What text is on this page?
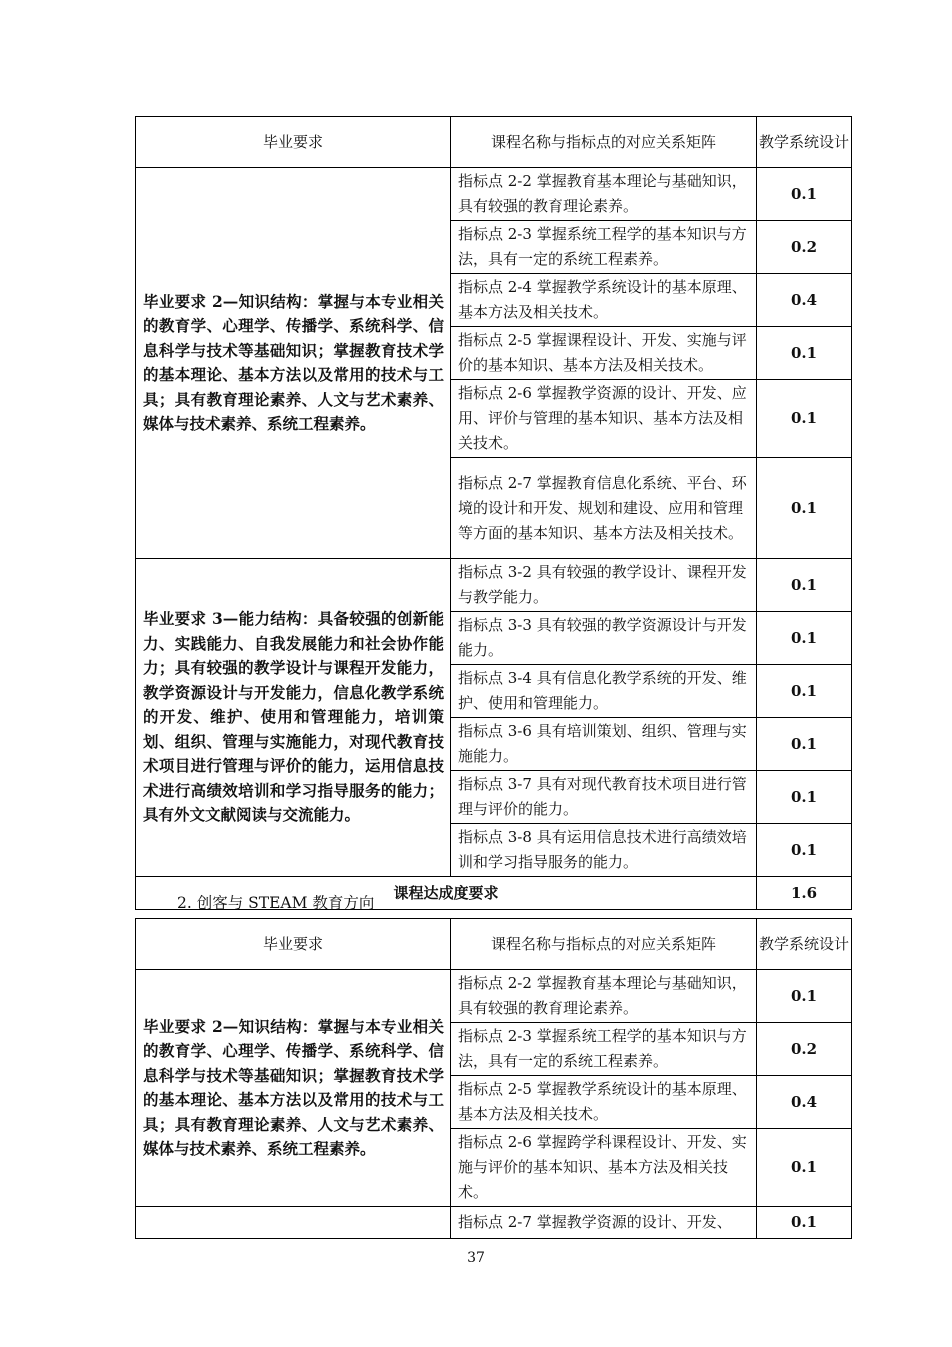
毕业要求	课程名称与指标点的对应关系矩阵	教学系统设计
毕业要求 2—知识结构：掌握与本专业相关的教育学、心理学、传播学、系统科学、信息科学与技术等基础知识；掌握教育技术学的基本理论、基本方法以及常用的技术与工具；具有教育理论素养、人文与艺术素养、媒体与技术素养、系统工程素养。	指标点 2-2 掌握教育基本理论与基础知识，具有较强的教育理论素养。	0.1
	指标点 2-3 掌握系统工程学的基本知识与方法，具有一定的系统工程素养。	0.2
	指标点 2-4 掌握教学系统设计的基本原理、基本方法及相关技术。	0.4
	指标点 2-5 掌握课程设计、开发、实施与评价的基本知识、基本方法及相关技术。	0.1
	指标点 2-6 掌握教学资源的设计、开发、应用、评价与管理的基本知识、基本方法及相关技术。	0.1
	指标点 2-7 掌握教育信息化系统、平台、环境的设计和开发、规划和建设、应用和管理等方面的基本知识、基本方法及相关技术。	0.1
毕业要求 3—能力结构：具备较强的创新能力、实践能力、自我发展能力和社会协作能力；具有较强的教学设计与课程开发能力，教学资源设计与开发能力，信息化教学系统的开发、维护、使用和管理能力，培训策划、组织、管理与实施能力，对现代教育技术项目进行管理与评价的能力，运用信息技术进行高绩效培训和学习指导服务的能力；具有外文文献阅读与交流能力。	指标点 3-2 具有较强的教学设计、课程开发与教学能力。	0.1
	指标点 3-3 具有较强的教学资源设计与开发能力。	0.1
	指标点 3-4 具有信息化教学系统的开发、维护、使用和管理能力。	0.1
	指标点 3-6 具有培训策划、组织、管理与实施能力。	0.1
	指标点 3-7 具有对现代教育技术项目进行管理与评价的能力。	0.1
	指标点 3-8 具有运用信息技术进行高绩效培训和学习指导服务的能力。	0.1
课程达成度要求		1.6
2. 创客与 STEAM 教育方向
毕业要求	课程名称与指标点的对应关系矩阵	教学系统设计
毕业要求 2—知识结构：掌握与本专业相关的教育学、心理学、传播学、系统科学、信息科学与技术等基础知识；掌握教育技术学的基本理论、基本方法以及常用的技术与工具；具有教育理论素养、人文与艺术素养、媒体与技术素养、系统工程素养。	指标点 2-2 掌握教育基本理论与基础知识，具有较强的教育理论素养。	0.1
	指标点 2-3 掌握系统工程学的基本知识与方法，具有一定的系统工程素养。	0.2
	指标点 2-5 掌握教学系统设计的基本原理、基本方法及相关技术。	0.4
	指标点 2-6 掌握跨学科课程设计、开发、实施与评价的基本知识、基本方法及相关技术。	0.1
	指标点 2-7 掌握教学资源的设计、开发、	0.1
37
